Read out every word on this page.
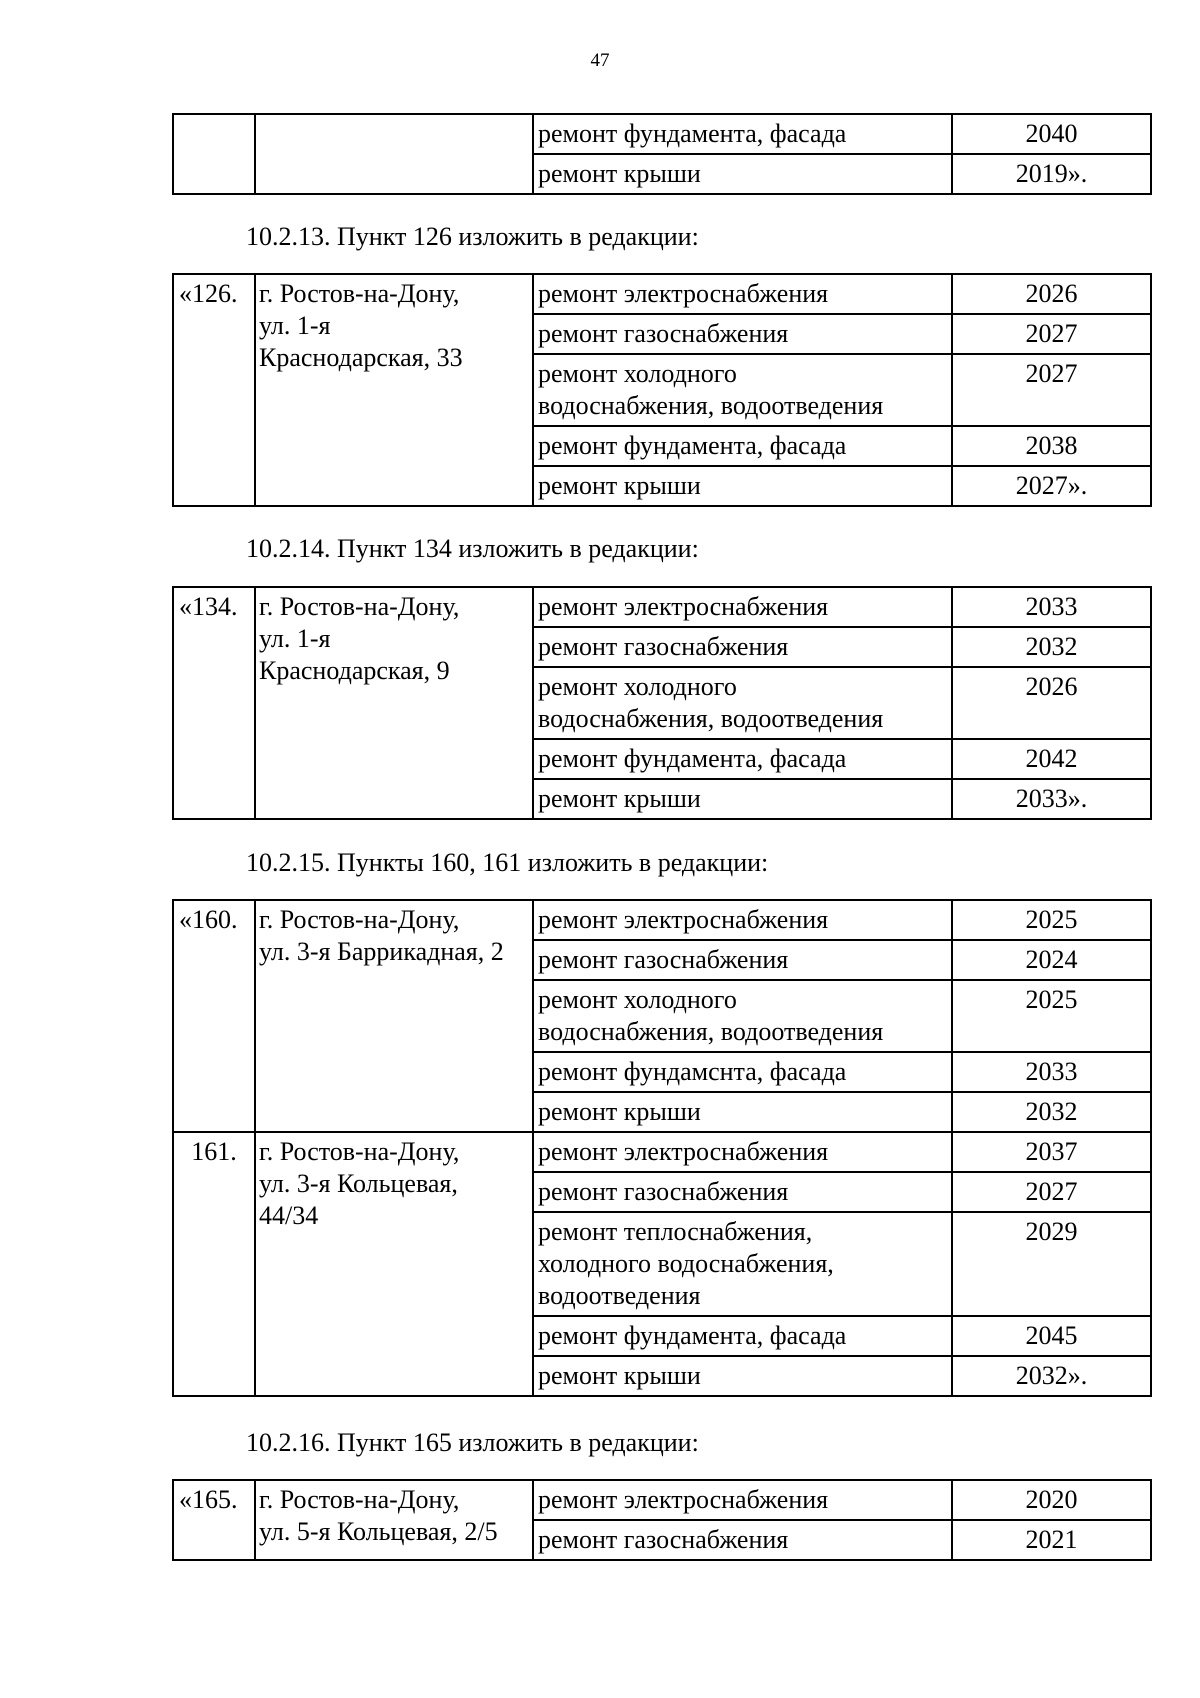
47
		ремонт фундамента, фасада	2040
		ремонт крыши	2019».
10.2.13. Пункт 126 изложить в редакции:
«126.	г. Ростов-на-Дону,
ул. 1-я
Краснодарская, 33	ремонт электроснабжения	2026
		ремонт газоснабжения	2027

		ремонт холодного
водоснабжения, водоотведения	2027
		ремонт фундамента, фасада	2038
		ремонт крыши	2027».
10.2.14. Пункт 134 изложить в редакции:
«134.	г. Ростов-на-Дону,
ул. 1-я
Краснодарская, 9	ремонт электроснабжения	2033
		ремонт газоснабжения	2032

		ремонт холодного
водоснабжения, водоотведения	2026
		ремонт фундамента, фасада	2042
		ремонт крыши	2033».
10.2.15. Пункты 160, 161 изложить в редакции:
«160.	г. Ростов-на-Дону,
ул. 3-я Баррикадная, 2	ремонт электроснабжения	2025
		ремонт газоснабжения	2024

		ремонт холодного
водоснабжения, водоотведения	2025
		ремонт фундамснта, фасада	2033
		ремонт крыши	2032
161.	г. Ростов-на-Дону,
ул. 3-я Кольцевая,
44/34	ремонт электроснабжения	2037
		ремонт газоснабжения	2027

		ремонт теплоснабжения,
холодного водоснабжения,
водоотведения	2029
		ремонт фундамента, фасада	2045
		ремонт крыши	2032».
10.2.16. Пункт 165 изложить в редакции:
«165.	г. Ростов-на-Дону,
ул. 5-я Кольцевая, 2/5	ремонт электроснабжения	2020
		ремонт газоснабжения	2021
